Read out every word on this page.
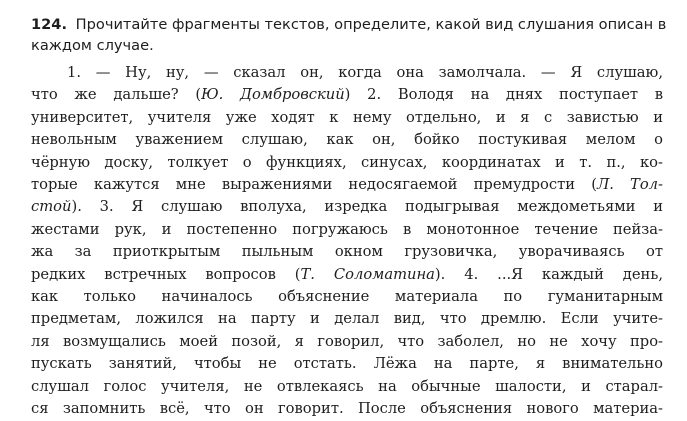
124. Прочитайте фрагменты текстов, определите, какой вид слушания описан в каждом случае.
1. — Ну, ну, — сказал он, когда она замолчала. — Я слушаю,
что же дальше? (Ю. Домбровский) 2. Володя на днях поступает в
университет, учителя уже ходят к нему отдельно, и я с завистью и
невольным уважением слушаю, как он, бойко постукивая мелом о
чёрную доску, толкует о функциях, синусах, координатах и т. п., ко-
торые кажутся мне выражениями недосягаемой премудрости (Л. Тол-
стой). 3. Я слушаю вполуха, изредка подыгрывая междометьями и
жестами рук, и постепенно погружаюсь в монотонное течение пейза-
жа за приоткрытым пыльным окном грузовичка, уворачиваясь от
редких встречных вопросов (Т. Соломатина). 4. ...Я каждый день,
как только начиналось объяснение материала по гуманитарным
предметам, ложился на парту и делал вид, что дремлю. Если учите-
ля возмущались моей позой, я говорил, что заболел, но не хочу про-
пускать занятий, чтобы не отстать. Лёжа на парте, я внимательно
слушал голос учителя, не отвлекаясь на обычные шалости, и старал-
ся запомнить всё, что он говорит. После объяснения нового материа-
